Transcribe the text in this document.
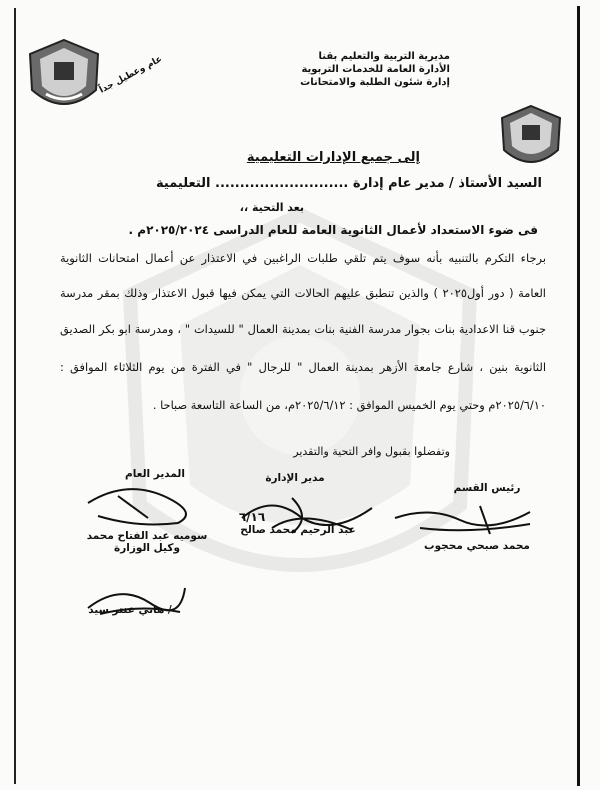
عام وعطيل جداً	مديرية التربية والتعليم بقنا
الأدارة العامة للخدمات التربوية
إدارة شئون الطلبة والامتحانات
إلى جميع الإدارات التعليمية
السيد الأستاذ / مدير عام إدارة ........................... التعليمية
بعد التحية ،،
فى ضوء الاستعداد لأعمال الثانوية العامة للعام الدراسى ٢٠٢٥/٢٠٢٤م .
برجاء التكرم بالتنبيه بأنه سوف يتم تلقي طلبات الراغبين في الاعتذار عن أعمال امتحانات الثانوية
العامة ( دور أول٢٠٢٥ ) والذين تنطبق عليهم الحالات التي يمكن فيها قبول الاعتذار وذلك بمقر مدرسة
جنوب قنا الاعدادية بنات بجوار مدرسة الفنية بنات بمدينة العمال " للسيدات " ، ومدرسة ابو بكر الصديق
الثانوية بنين ، شارع جامعة الأزهر بمدينة العمال " للرجال " في الفترة من يوم الثلاثاء الموافق :
٢٠٢٥/٦/١٠م وحتي يوم الخميس الموافق : ٢٠٢٥/٦/١٢م، من الساعة التاسعة صباحا .
وتفضلوا بقبول وافر التحية والتقدير
رئيس القسم
محمد صبحي محجوب
مدير الإدارة
عبد الرحيم محمد صالح
المدير العام
سوميه عبد الفتاح محمد
وكيل الوزارة
٦/١٦
/ هاني عنتر سيد
